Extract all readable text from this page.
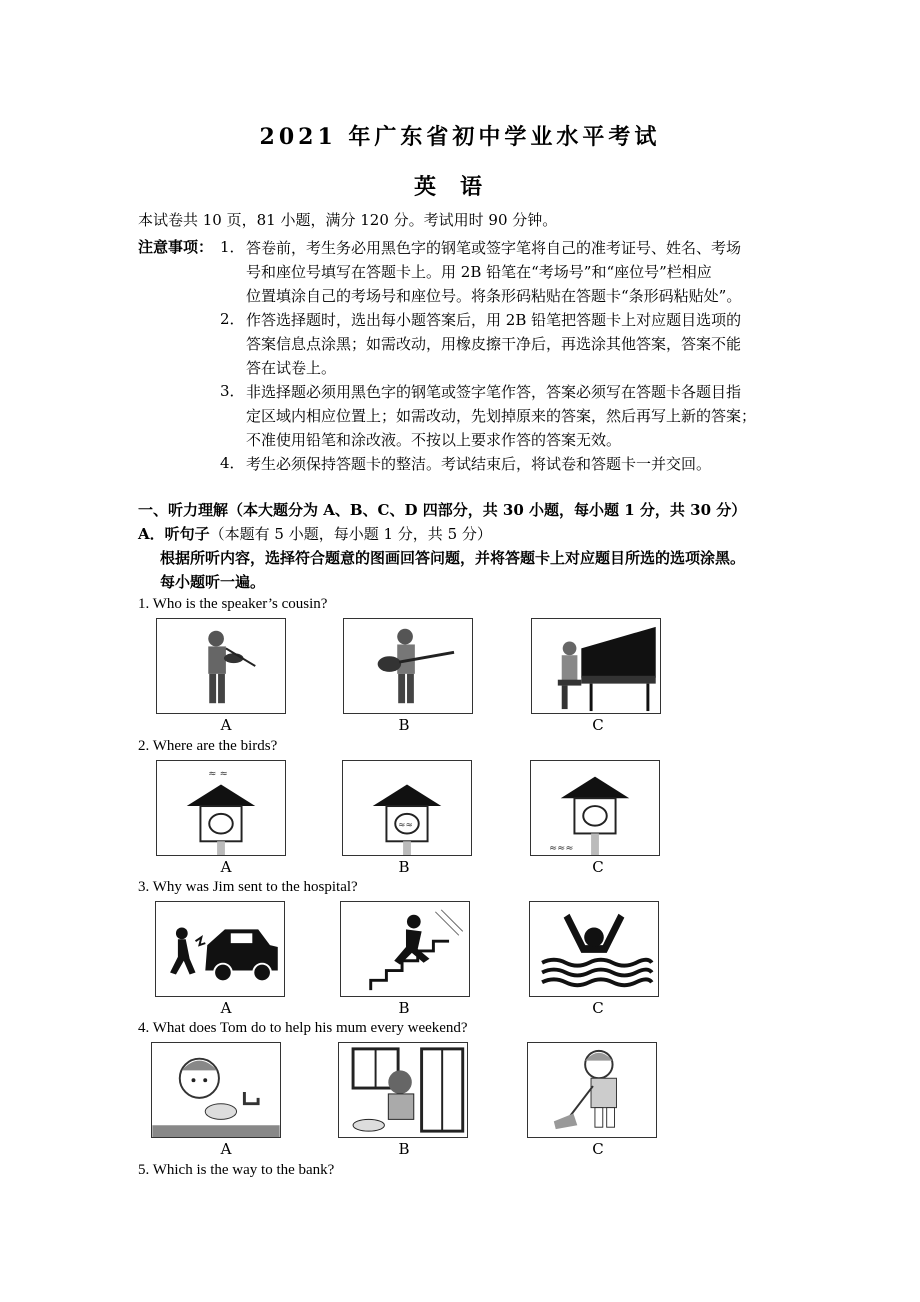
2021 年广东省初中学业水平考试
英语
本试卷共 10 页，81 小题，满分 120 分。考试用时 90 分钟。
注意事项： 1． 答卷前，考生务必用黑色字的钢笔或签字笔将自己的准考证号、姓名、考场
号和座位号填写在答题卡上。用 2B 铅笔在“考场号”和“座位号”栏相应
位置填涂自己的考场号和座位号。将条形码粘贴在答题卡“条形码粘贴处”。
2． 作答选择题时，选出每小题答案后，用 2B 铅笔把答题卡上对应题目选项的
答案信息点涂黑；如需改动，用橡皮擦干净后，再选涂其他答案，答案不能
答在试卷上。
3． 非选择题必须用黑色字的钢笔或签字笔作答，答案必须写在答题卡各题目指
定区域内相应位置上；如需改动，先划掉原来的答案，然后再写上新的答案；
不准使用铅笔和涂改液。不按以上要求作答的答案无效。
4． 考生必须保持答题卡的整洁。考试结束后，将试卷和答题卡一并交回。
一、听力理解（本大题分为 A、B、C、D 四部分，共 30 小题，每小题 1 分，共 30 分）
A．听句子（本题有 5 小题，每小题 1 分，共 5 分）
根据所听内容，选择符合题意的图画回答问题，并将答题卡上对应题目所选的选项涂黑。
每小题听一遍。
1. Who is the speaker’s cousin?
A	B	C
2. Where are the birds?
≈ ≈
A
≈≈
B
≈≈≈
C
3. Why was Jim sent to the hospital?
A	B	C
4. What does Tom do to help his mum every weekend?
A	B	C
5. Which is the way to the bank?
